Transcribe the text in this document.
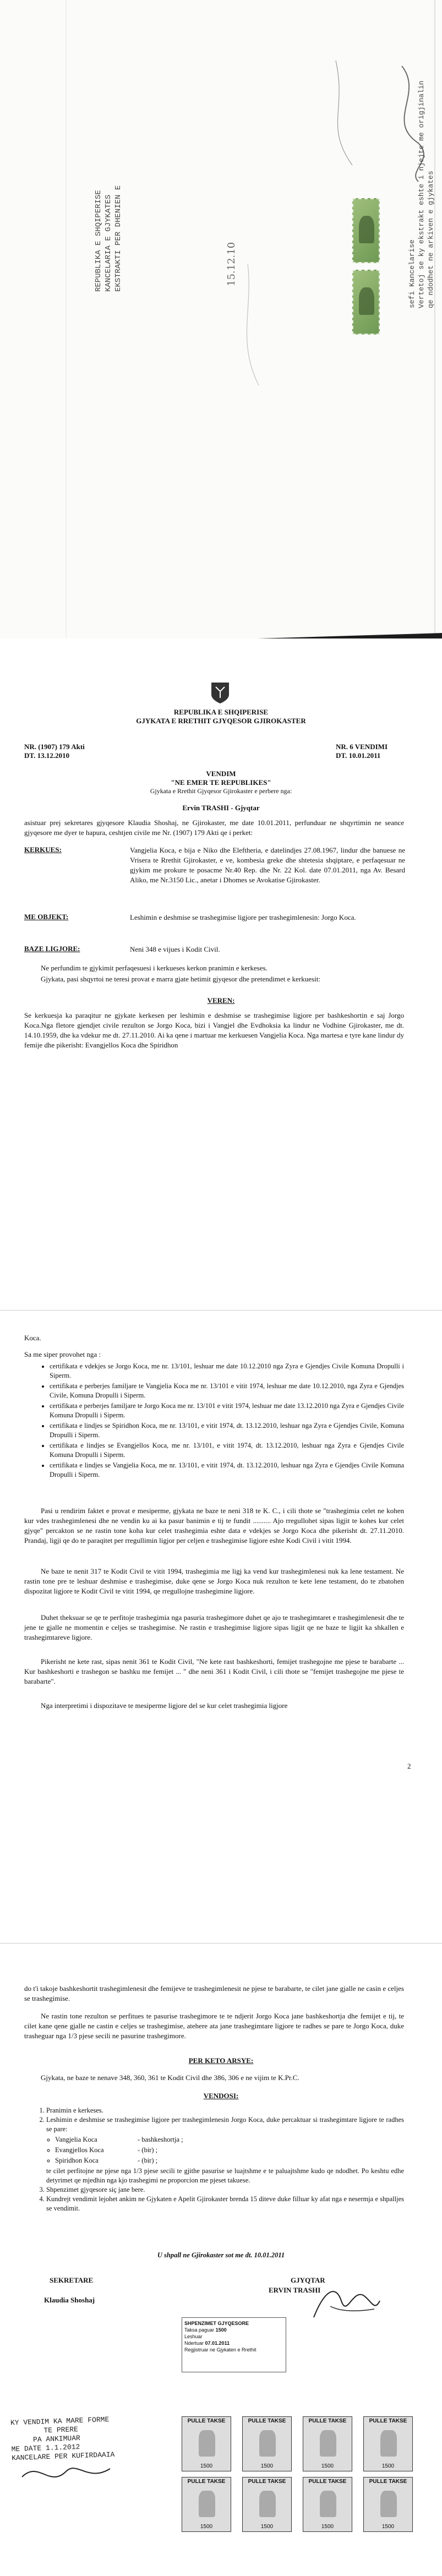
REPUBLIKA E SHQIPERISE KANCELARIA E GJYKATES EKSTRAKTI PER DHENIEN E	sefi Kancelarise Vertetoj se ky ekstrakt eshte i njejte me origjinalin qe ndodhet ne arkiven e gjykates
15.12.10
REPUBLIKA E SHQIPERISE
GJYKATA E RRETHIT GJYQESOR GJIROKASTER
NR. (1907) 179 Akti
DT. 13.12.2010
NR. 6 VENDIMI
DT. 10.01.2011
VENDIM
"NE EMER TE REPUBLIKES"
Gjykata e Rrethit Gjyqesor Gjirokaster e perbere nga:
Ervin TRASHI - Gjyqtar
asistuar prej sekretares gjyqesore Klaudia Shoshaj, ne Gjirokaster, me date 10.01.2011, perfunduar ne shqyrtimin ne seance gjyqesore me dyer te hapura, ceshtjen civile me Nr. (1907) 179 Akti qe i perket:
KERKUES:	Vangjelia Koca, e bija e Niko dhe Eleftheria, e datelindjes 27.08.1967, lindur dhe banuese ne Vrisera te Rrethit Gjirokaster, e ve, kombesia greke dhe shtetesia shqiptare, e perfaqesuar ne gjykim me prokure te posacme Nr.40 Rep. dhe Nr. 22 Kol. date 07.01.2011, nga Av. Besard Aliko, me Nr.3150 Lic., anetar i Dhomes se Avokatise Gjirokaster.
ME OBJEKT:	Leshimin e deshmise se trashegimise ligjore per trashegimlenesin: Jorgo Koca.
BAZE LIGJORE:	Neni 348 e vijues i Kodit Civil.
Ne perfundim te gjykimit perfaqesuesi i kerkueses kerkon pranimin e kerkeses.
Gjykata, pasi shqyrtoi ne teresi provat e marra gjate hetimit gjyqesor dhe pretendimet e kerkuesit:
VEREN:
Se kerkuesja ka paraqitur ne gjykate kerkesen per leshimin e deshmise se trashegimise ligjore per bashkeshortin e saj Jorgo Koca.Nga fletore gjendjet civile rezulton se Jorgo Koca, bizi i Vangjel dhe Evdhoksia ka lindur ne Vodhine Gjirokaster, me dt. 14.10.1959, dhe ka vdekur me dt. 27.11.2010. Ai ka qene i martuar me kerkuesen Vangjelia Koca. Nga martesa e tyre kane lindur dy femije dhe pikerisht: Evangjellos Koca dhe Spiridhon
Koca.
Sa me siper provohet nga :
• certifikata e vdekjes se Jorgo Koca, me nr. 13/101, leshuar me date 10.12.2010 nga Zyra e Gjendjes Civile Komuna Dropulli i Siperm.
• certifikata e perberjes familjare te Vangjelia Koca me nr. 13/101 e vitit 1974, leshuar me date 10.12.2010, nga Zyra e Gjendjes Civile, Komuna Dropulli i Siperm.
• certifikata e perberjes familjare te Jorgo Koca me nr. 13/101 e vitit 1974, leshuar me date 13.12.2010 nga Zyra e Gjendjes Civile Komuna Dropulli i Siperm.
• certifikata e lindjes se Spiridhon Koca, me nr. 13/101, e vitit 1974, dt. 13.12.2010, leshuar nga Zyra e Gjendjes Civile, Komuna Dropulli i Siperm.
• certifikata e lindjes se Evangjellos Koca, me nr. 13/101, e vitit 1974, dt. 13.12.2010, leshuar nga Zyra e Gjendjes Civile Komuna Dropulli i Siperm.
• certifikata e lindjes se Vangjelia Koca, me nr. 13/101, e vitit 1974, dt. 13.12.2010, leshuar nga Zyra e Gjendjes Civile Komuna Dropulli i Siperm.
Pasi u rendirim faktet e provat e mesiperme, gjykata ne baze te neni 318 te K. C., i cili thote se "trashegimia celet ne kohen kur vdes trashegimlenesi dhe ne vendin ku ai ka pasur banimin e tij te fundit .......... Ajo rregullohet sipas ligjit te kohes kur celet gjyqe" percakton se ne rastin tone koha kur celet trashegimia eshte data e vdekjes se Jorgo Koca dhe pikerisht dt. 27.11.2010. Prandaj, ligji qe do te paraqitet per rregullimin ligjor per celjen e trashegimise ligjore eshte Kodi Civil i vitit 1994.
Ne baze te nenit 317 te Kodit Civil te vitit 1994, trashegimia me ligj ka vend kur trashegimlenesi nuk ka lene testament. Ne rastin tone pre te leshuar deshmise e trashegimise, duke qene se Jorgo Koca nuk rezulton te kete lene testament, do te zbatohen dispozitat ligjore te Kodit Civil te vitit 1994, qe rregullojne trashegimine ligjore.
Duhet theksuar se qe te perfitoje trashegimia nga pasuria trashegimore duhet qe ajo te trashegimtaret e trashegimlenesit dhe te jene te gjalle ne momentin e celjes se trashegimise. Ne rastin e trashegimise ligjore sipas ligjit qe ne baze te ligjit ka shkallen e trashegimtareve ligjore.
Pikerisht ne kete rast, sipas nenit 361 te Kodit Civil, "Ne kete rast bashkeshorti, femijet trashegojne me pjese te barabarte ... Kur bashkeshorti e trashegon se bashku me femijet ... " dhe neni 361 i Kodit Civil, i cili thote se "femijet trashegojne me pjese te barabarte".
Nga interpretimi i dispozitave te mesiperme ligjore del se kur celet trashegimia ligjore
2
do t'i takoje bashkeshortit trashegimlenesit dhe femijeve te trashegimlenesit ne pjese te barabarte, te cilet jane gjalle ne casin e celjes se trashegimise.
Ne rastin tone rezulton se perfitues te pasurise trashegimore te te ndjerit Jorgo Koca jane bashkeshortja dhe femijet e tij, te cilet kane qene gjalle ne castin e celjes se trashegimise, atehere ata jane trashegimtare ligjore te radhes se pare te Jorgo Koca, duke trasheguar nga 1/3 pjese secili ne pasurine trashegimore.
PER KETO ARSYE:
Gjykata, ne baze te nenave 348, 360, 361 te Kodit Civil dhe 386, 306 e ne vijim te K.Pr.C.
VENDOSI:
1. Pranimin e kerkeses.
2. Leshimin e deshmise se trashegimise ligjore per trashegimlenesin Jorgo Koca, duke percaktuar si trashegimtare ligjore te radhes se pare:
◦ Vangjelia Koca	- bashkeshortja ;
◦ Evangjellos Koca	- (bir) ;
◦ Spiridhon Koca	- (bir) ;
te cilet perfitojne ne pjese nga 1/3 pjese secili te gjithe pasurise se luajtshme e te paluajtshme kudo qe ndodhet. Po keshtu edhe detyrimet qe mjedhin nga kjo trashegimi ne proporcion me pjeset takuese.
3. Shpenzimet gjyqesore siç jane bere.
4. Kundrejt vendimit lejohet ankim ne Gjykaten e Apelit Gjirokaster brenda 15 diteve duke filluar ky afat nga e nesermja e shpalljes se vendimit.
U shpall ne Gjirokaster sot me dt. 10.01.2011
SEKRETARE
Klaudia Shoshaj
GJYQTAR
ERVIN TRASHI
SHPENZIMET GJYQESORE
Taksa paguar 1500
Leshuar
Ndertuar 07.01.2011
Regjistruar ne Gjykaten e Rrethit
KY VENDIM KA MARE FORME
TE PRERE
PA ANKIMUAR
ME DATE 1.1.2012
KANCELARE PER KUFIRDAAIA
PULLE TAKSE
1500
PULLE TAKSE
1500
PULLE TAKSE
1500
PULLE TAKSE
1500
PULLE TAKSE
1500
PULLE TAKSE
1500
PULLE TAKSE
1500
PULLE TAKSE
1500
